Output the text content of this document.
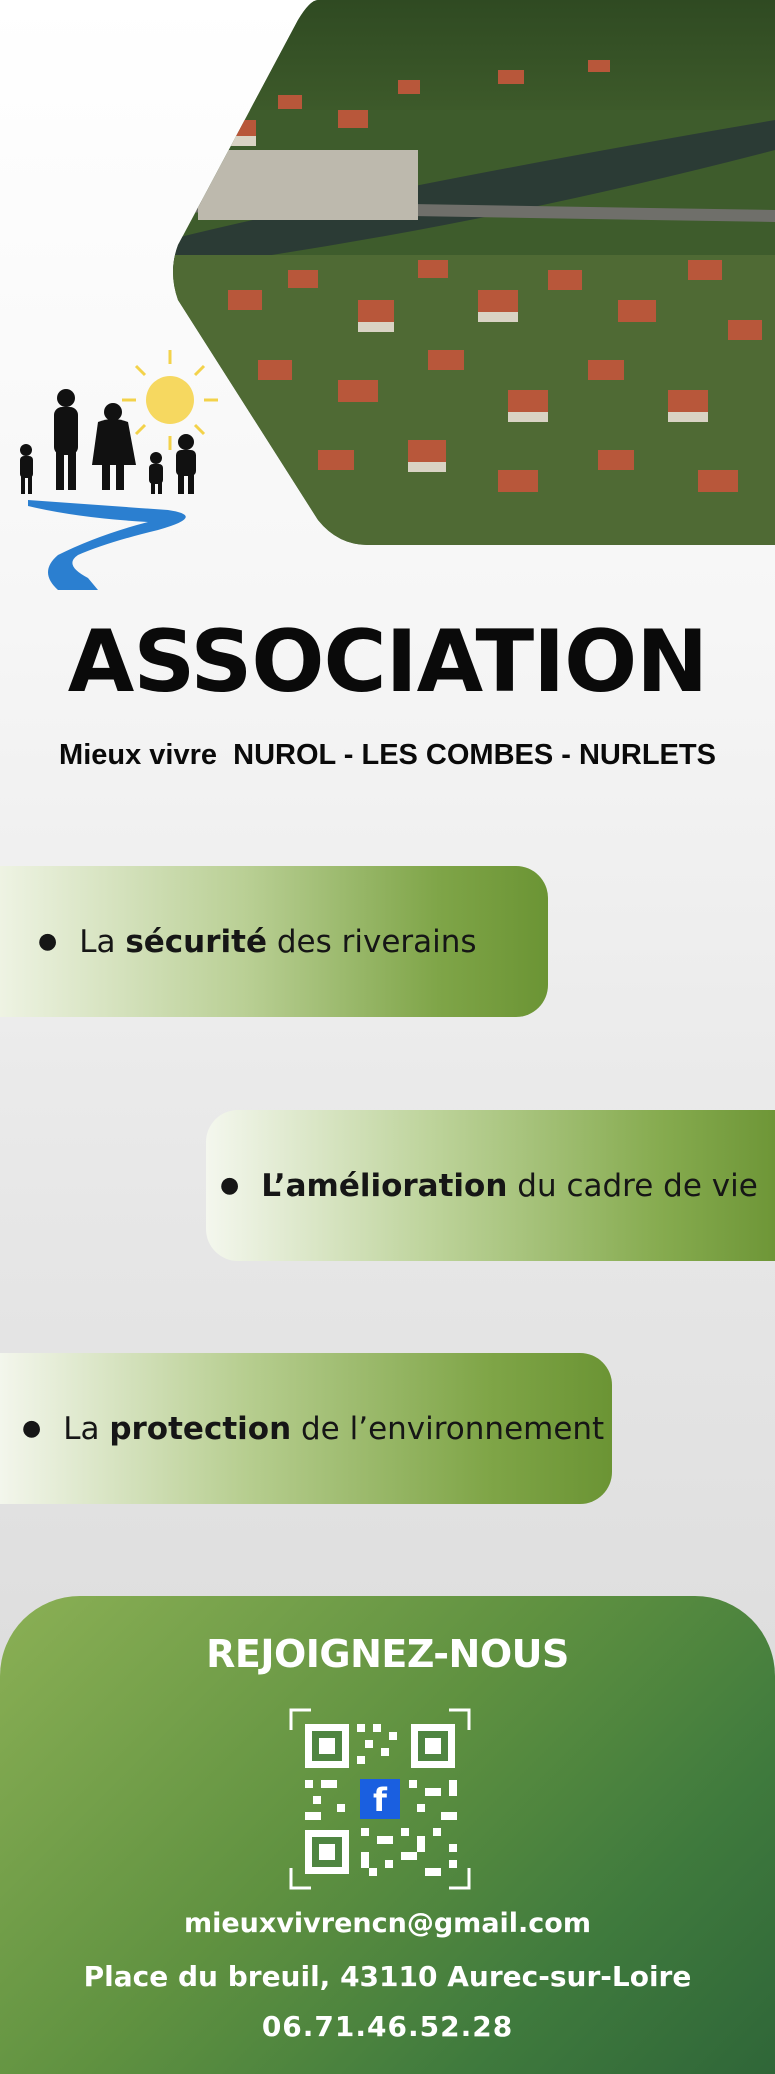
ASSOCIATION
Mieux vivre  NUROL - LES COMBES - NURLETS
● La sécurité des riverains
● L’amélioration du cadre de vie
● La protection de l’environnement
REJOIGNEZ-NOUS
f
mieuxvivrencn@gmail.com
Place du breuil, 43110 Aurec-sur-Loire
06.71.46.52.28
